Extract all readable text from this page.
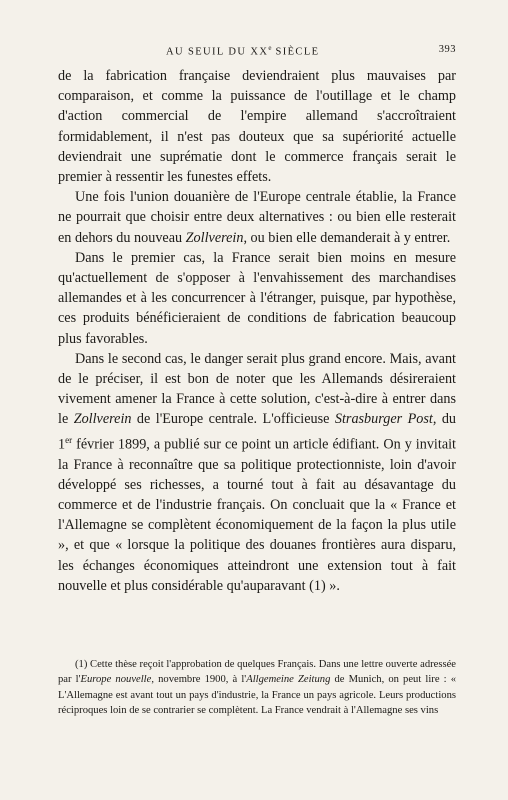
AU SEUIL DU XXe SIÈCLE	393

de la fabrication française deviendraient plus mauvaises par comparaison, et comme la puissance de l'outillage et le champ d'action commercial de l'empire allemand s'accroîtraient formidablement, il n'est pas douteux que sa supériorité actuelle deviendrait une suprématie dont le commerce français serait le premier à ressentir les funestes effets.

Une fois l'union douanière de l'Europe centrale établie, la France ne pourrait que choisir entre deux alternatives : ou bien elle resterait en dehors du nouveau Zollverein, ou bien elle demanderait à y entrer.

Dans le premier cas, la France serait bien moins en mesure qu'actuellement de s'opposer à l'envahissement des marchandises allemandes et à les concurrencer à l'étranger, puisque, par hypothèse, ces produits bénéficieraient de conditions de fabrication beaucoup plus favorables.

Dans le second cas, le danger serait plus grand encore. Mais, avant de le préciser, il est bon de noter que les Allemands désireraient vivement amener la France à cette solution, c'est-à-dire à entrer dans le Zollverein de l'Europe centrale. L'officieuse Strasburger Post, du 1er février 1899, a publié sur ce point un article édifiant. On y invitait la France à reconnaître que sa politique protectionniste, loin d'avoir développé ses richesses, a tourné tout à fait au désavantage du commerce et de l'industrie français. On concluait que la « France et l'Allemagne se complètent économiquement de la façon la plus utile », et que « lorsque la politique des douanes frontières aura disparu, les échanges économiques atteindront une extension tout à fait nouvelle et plus considérable qu'auparavant (1) ».

(1) Cette thèse reçoit l'approbation de quelques Français. Dans une lettre ouverte adressée par l'Europe nouvelle, novembre 1900, à l'Allgemeine Zeitung de Munich, on peut lire : « L'Allemagne est avant tout un pays d'industrie, la France un pays agricole. Leurs productions réciproques loin de se contrarier se complètent. La France vendrait à l'Allemagne ses vins
